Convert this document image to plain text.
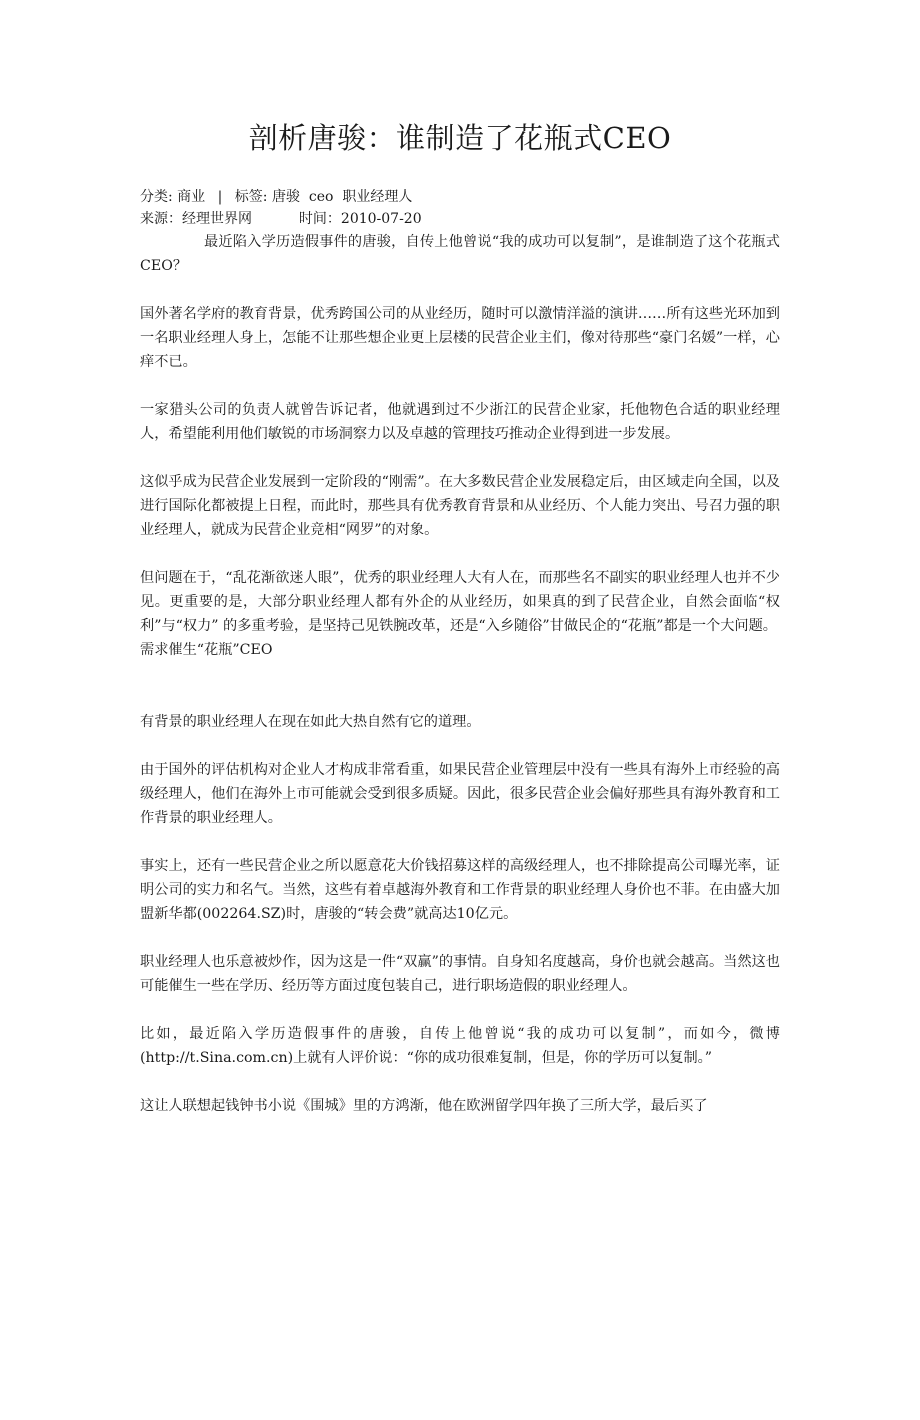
剖析唐骏：谁制造了花瓶式CEO
分类: 商业 | 标签: 唐骏 ceo 职业经理人
来源：经理世界网	时间：2010-07-20

最近陷入学历造假事件的唐骏，自传上他曾说“我的成功可以复制”，是谁制造了这个花瓶式CEO？

国外著名学府的教育背景，优秀跨国公司的从业经历，随时可以激情洋溢的演讲……所有这些光环加到一名职业经理人身上，怎能不让那些想企业更上层楼的民营企业主们，像对待那些“豪门名媛”一样，心痒不已。

一家猎头公司的负责人就曾告诉记者，他就遇到过不少浙江的民营企业家，托他物色合适的职业经理人，希望能利用他们敏锐的市场洞察力以及卓越的管理技巧推动企业得到进一步发展。

这似乎成为民营企业发展到一定阶段的“刚需”。在大多数民营企业发展稳定后，由区域走向全国，以及进行国际化都被提上日程，而此时，那些具有优秀教育背景和从业经历、个人能力突出、号召力强的职业经理人，就成为民营企业竞相“网罗”的对象。

但问题在于，“乱花渐欲迷人眼”，优秀的职业经理人大有人在，而那些名不副实的职业经理人也并不少见。更重要的是，大部分职业经理人都有外企的从业经历，如果真的到了民营企业，自然会面临“权利”与“权力” 的多重考验，是坚持己见铁腕改革，还是“入乡随俗”甘做民企的“花瓶”都是一个大问题。

需求催生“花瓶”CEO

有背景的职业经理人在现在如此大热自然有它的道理。

由于国外的评估机构对企业人才构成非常看重，如果民营企业管理层中没有一些具有海外上市经验的高级经理人，他们在海外上市可能就会受到很多质疑。因此，很多民营企业会偏好那些具有海外教育和工作背景的职业经理人。

事实上，还有一些民营企业之所以愿意花大价钱招募这样的高级经理人，也不排除提高公司曝光率，证明公司的实力和名气。当然，这些有着卓越海外教育和工作背景的职业经理人身价也不菲。在由盛大加盟新华都(002264.SZ)时，唐骏的“转会费”就高达10亿元。

职业经理人也乐意被炒作，因为这是一件“双赢”的事情。自身知名度越高，身价也就会越高。当然这也可能催生一些在学历、经历等方面过度包装自己，进行职场造假的职业经理人。

比如，最近陷入学历造假事件的唐骏，自传上他曾说“我的成功可以复制”，而如今，微博(http://t.Sina.com.cn)上就有人评价说：“你的成功很难复制，但是，你的学历可以复制。”

这让人联想起钱钟书小说《围城》里的方鸿渐，他在欧洲留学四年换了三所大学，最后买了
